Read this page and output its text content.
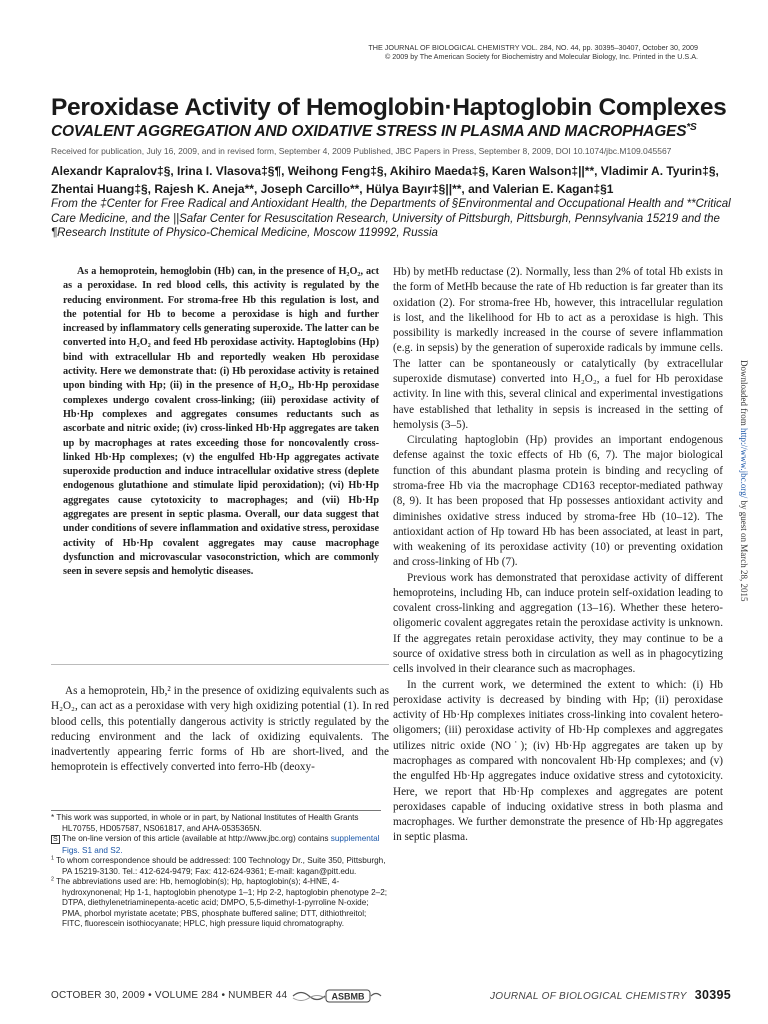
THE JOURNAL OF BIOLOGICAL CHEMISTRY VOL. 284, NO. 44, pp. 30395–30407, October 30, 2009
© 2009 by The American Society for Biochemistry and Molecular Biology, Inc. Printed in the U.S.A.
Peroxidase Activity of Hemoglobin·Haptoglobin Complexes
COVALENT AGGREGATION AND OXIDATIVE STRESS IN PLASMA AND $MACROPHAGES^{*S}$
Received for publication, July 16, 2009, and in revised form, September 4, 2009 Published, JBC Papers in Press, September 8, 2009, DOI 10.1074/jbc.M109.045567
Alexandr Kapralov‡§, Irina I. Vlasova‡§¶, Weihong Feng‡§, Akihiro Maeda‡§, Karen Walson‡||**, Vladimir A. Tyurin‡§,
Zhentai Huang‡§, Rajesh K. Aneja**, Joseph Carcillo**, Hülya Bayır‡§||**, and Valerian E. Kagan‡§1
From the ‡Center for Free Radical and Antioxidant Health, the Departments of §Environmental and Occupational Health and **Critical Care Medicine, and the ||Safar Center for Resuscitation Research, University of Pittsburgh, Pittsburgh, Pennsylvania 15219 and the ¶Research Institute of Physico-Chemical Medicine, Moscow 119992, Russia

As a hemoprotein, hemoglobin (Hb) can, in the presence of H₂O₂, act as a peroxidase. In red blood cells, this activity is regulated by the reducing environment. For stroma-free Hb this regulation is lost, and the potential for Hb to become a peroxidase is high and further increased by inflammatory cells generating superoxide. The latter can be converted into H₂O₂ and feed Hb peroxidase activity. Haptoglobins (Hp) bind with extracellular Hb and reportedly weaken Hb peroxidase activity. Here we demonstrate that: (i) Hb peroxidase activity is retained upon binding with Hp; (ii) in the presence of H₂O₂, Hb·Hp peroxidase complexes undergo covalent cross-linking; (iii) peroxidase activity of Hb·Hp complexes and aggregates consumes reductants such as ascorbate and nitric oxide; (iv) cross-linked Hb·Hp aggregates are taken up by macrophages at rates exceeding those for noncovalently cross-linked Hb·Hp complexes; (v) the engulfed Hb·Hp aggregates activate superoxide production and induce intracellular oxidative stress (deplete endogenous glutathione and stimulate lipid peroxidation); (vi) Hb·Hp aggregates cause cytotoxicity to macrophages; and (vii) Hb·Hp aggregates are present in septic plasma. Overall, our data suggest that under conditions of severe inflammation and oxidative stress, peroxidase activity of Hb·Hp covalent aggregates may cause macrophage dysfunction and microvascular vasoconstriction, which are commonly seen in severe sepsis and hemolytic diseases.

As a hemoprotein, Hb,² in the presence of oxidizing equivalents such as H₂O₂, can act as a peroxidase with very high oxidizing potential (1). In red blood cells, this potentially dangerous activity is strictly regulated by the reducing environment and the lack of oxidizing equivalents. The inadvertently appearing ferric forms of Hb are short-lived, and the hemoprotein is effectively converted into ferro-Hb (deoxy-

Hb) by metHb reductase (2). Normally, less than 2% of total Hb exists in the form of MetHb because the rate of Hb reduction is far greater than its oxidation (2). For stroma-free Hb, however, this intracellular regulation is lost, and the likelihood for Hb to act as a peroxidase is high. This possibility is markedly increased in the course of severe inflammation (e.g. in sepsis) by the generation of superoxide radicals by immune cells. The latter can be spontaneously or catalytically (by extracellular superoxide dismutase) converted into H₂O₂, a fuel for Hb peroxidase activity. In line with this, several clinical and experimental investigations have established that lethality in sepsis is increased in the setting of hemolysis (3–5).

Circulating haptoglobin (Hp) provides an important endogenous defense against the toxic effects of Hb (6, 7). The major biological function of this abundant plasma protein is binding and recycling of stroma-free Hb via the macrophage CD163 receptor-mediated pathway (8, 9). It has been proposed that Hp possesses antioxidant activity and diminishes oxidative stress induced by stroma-free Hb (10–12). The antioxidant action of Hp toward Hb has been associated, at least in part, with weakening of its peroxidase activity (10) or preventing oxidation and cross-linking of Hb (7).

Previous work has demonstrated that peroxidase activity of different hemoproteins, including Hb, can induce protein self-oxidation leading to covalent cross-linking and aggregation (13–16). Whether these hetero-oligomeric covalent aggregates retain the peroxidase activity is unknown. If the aggregates retain peroxidase activity, they may continue to be a source of oxidative stress both in circulation as well as in phagocytizing cells involved in their clearance such as macrophages.

In the current work, we determined the extent to which: (i) Hb peroxidase activity is decreased by binding with Hp; (ii) peroxidase activity of Hb·Hp complexes initiates cross-linking into covalent hetero-oligomers; (iii) peroxidase activity of Hb·Hp complexes and aggregates utilizes nitric oxide (NO˙); (iv) Hb·Hp aggregates are taken up by macrophages as compared with noncovalent Hb·Hp complexes; and (v) the engulfed Hb·Hp aggregates induce oxidative stress and cytotoxicity. Here, we report that Hb·Hp complexes and aggregates are potent peroxidases capable of inducing oxidative stress in both plasma and macrophages. We further demonstrate the presence of Hb·Hp aggregates in septic plasma.

* This work was supported, in whole or in part, by National Institutes of Health Grants HL70755, HD057587, NS061817, and AHA-0535365N.

S The on-line version of this article (available at http://www.jbc.org) contains supplemental Figs. S1 and S2.

$^1$ To whom correspondence should be addressed: 100 Technology Dr., Suite 350, Pittsburgh, PA 15219-3130. Tel.: 412-624-9479; Fax: 412-624-9361; E-mail: kagan@pitt.edu.

$^2$ The abbreviations used are: Hb, hemoglobin(s); Hp, haptoglobin(s); 4-HNE, 4-hydroxynonenal; Hp 1-1, haptoglobin phenotype 1–1; Hp 2-2, haptoglobin phenotype 2–2; DTPA, diethylenetriaminepenta-acetic acid; DMPO, 5,5-dimethyl-1-pyrroline N-oxide; PMA, phorbol myristate acetate; PBS, phosphate buffered saline; DTT, dithiothreitol; FITC, fluorescein isothiocyanate; HPLC, high pressure liquid chromatography.

Downloaded from http://www.jbc.org/ by guest on March 28, 2015
OCTOBER 30, 2009 • VOLUME 284 • NUMBER 44	ASBMB	JOURNAL OF BIOLOGICAL CHEMISTRY 30395
